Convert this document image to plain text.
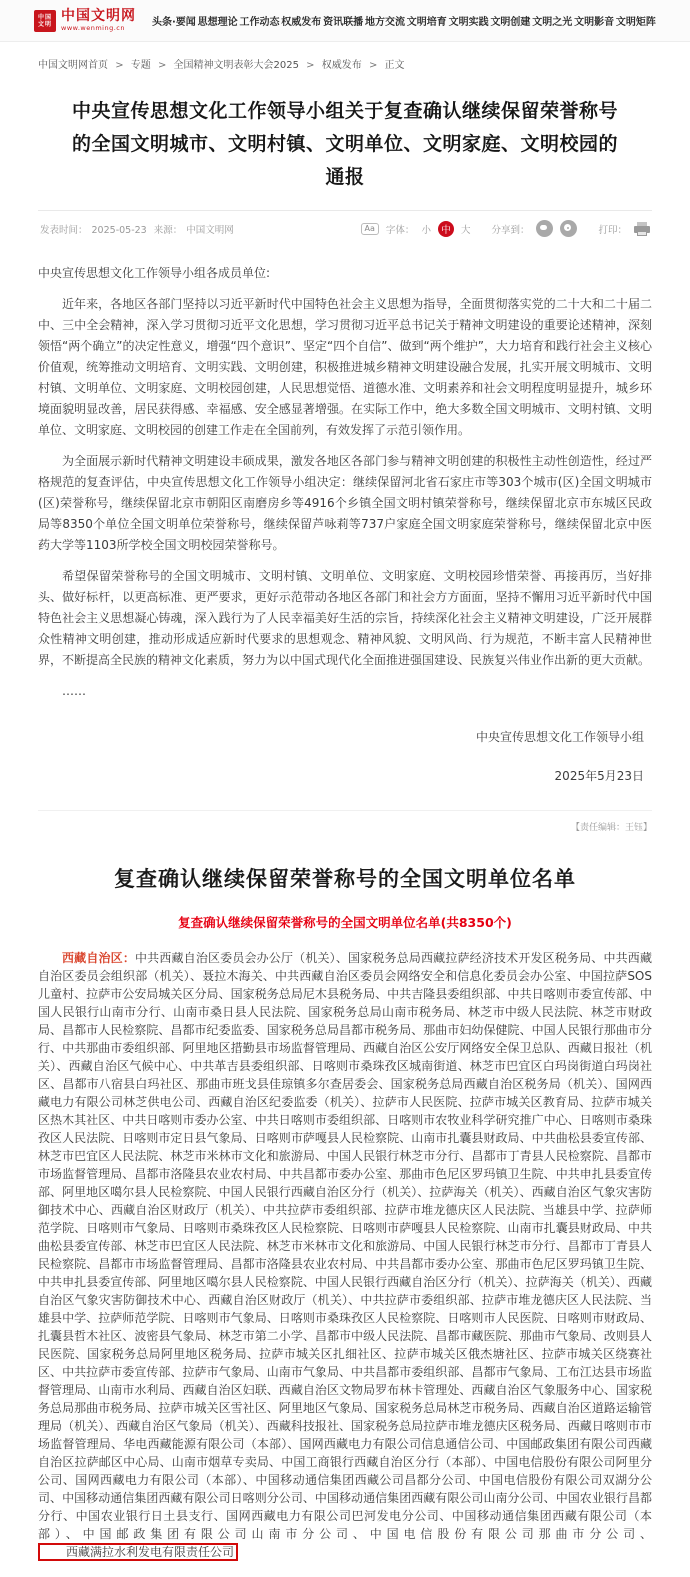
中国 文明 中国文明网
www.wenming.cn
头条·要闻 思想理论 工作动态 权威发布 资讯联播 地方交流 文明培育 文明实践 文明创建 文明之光 文明影音 文明矩阵
中国文明网首页 > 专题 > 全国精神文明表彰大会2025 > 权威发布 > 正文
中央宣传思想文化工作领导小组关于复查确认继续保留荣誉称号的全国文明城市、文明村镇、文明单位、文明家庭、文明校园的通报
发表时间： 2025-05-23 来源： 中国文明网	Aa	字体： 小	中	大 分享到：	打印：

中央宣传思想文化工作领导小组各成员单位:

近年来，各地区各部门坚持以习近平新时代中国特色社会主义思想为指导，全面贯彻落实党的二十大和二十届二中、三中全会精神，深入学习贯彻习近平文化思想，学习贯彻习近平总书记关于精神文明建设的重要论述精神，深刻领悟“两个确立”的决定性意义，增强“四个意识”、坚定“四个自信”、做到“两个维护”，大力培育和践行社会主义核心价值观，统筹推动文明培育、文明实践、文明创建，积极推进城乡精神文明建设融合发展，扎实开展文明城市、文明村镇、文明单位、文明家庭、文明校园创建，人民思想觉悟、道德水准、文明素养和社会文明程度明显提升，城乡环境面貌明显改善，居民获得感、幸福感、安全感显著增强。在实际工作中，绝大多数全国文明城市、文明村镇、文明单位、文明家庭、文明校园的创建工作走在全国前列，有效发挥了示范引领作用。

为全面展示新时代精神文明建设丰硕成果，激发各地区各部门参与精神文明创建的积极性主动性创造性，经过严格规范的复查评估，中央宣传思想文化工作领导小组决定：继续保留河北省石家庄市等303个城市(区)全国文明城市(区)荣誉称号，继续保留北京市朝阳区南磨房乡等4916个乡镇全国文明村镇荣誉称号，继续保留北京市东城区民政局等8350个单位全国文明单位荣誉称号，继续保留芦咏莉等737户家庭全国文明家庭荣誉称号，继续保留北京中医药大学等1103所学校全国文明校园荣誉称号。

希望保留荣誉称号的全国文明城市、文明村镇、文明单位、文明家庭、文明校园珍惜荣誉、再接再厉，当好排头、做好标杆，以更高标准、更严要求，更好示范带动各地区各部门和社会方方面面，坚持不懈用习近平新时代中国特色社会主义思想凝心铸魂，深入践行为了人民幸福美好生活的宗旨，持续深化社会主义精神文明建设，广泛开展群众性精神文明创建，推动形成适应新时代要求的思想观念、精神风貌、文明风尚、行为规范，不断丰富人民精神世界，不断提高全民族的精神文化素质，努力为以中国式现代化全面推进强国建设、民族复兴伟业作出新的更大贡献。

……

中央宣传思想文化工作领导小组
2025年5月23日
【责任编辑：王钰】
复查确认继续保留荣誉称号的全国文明单位名单
复查确认继续保留荣誉称号的全国文明单位名单(共8350个)

西藏自治区：中共西藏自治区委员会办公厅（机关）、国家税务总局西藏拉萨经济技术开发区税务局、中共西藏自治区委员会组织部（机关）、聂拉木海关、中共西藏自治区委员会网络安全和信息化委员会办公室、中国拉萨SOS儿童村、拉萨市公安局城关区分局、国家税务总局尼木县税务局、中共吉隆县委组织部、中共日喀则市委宣传部、中国人民银行山南市分行、山南市桑日县人民法院、国家税务总局山南市税务局、林芝市中级人民法院、林芝市财政局、昌都市人民检察院、昌都市纪委监委、国家税务总局昌都市税务局、那曲市妇幼保健院、中国人民银行那曲市分行、中共那曲市委组织部、阿里地区措勤县市场监督管理局、西藏自治区公安厅网络安全保卫总队、西藏日报社（机关）、西藏自治区气候中心、中共革吉县委组织部、日喀则市桑珠孜区城南街道、林芝市巴宜区白玛岗街道白玛岗社区、昌都市八宿县白玛社区、那曲市班戈县佳琼镇多尔查居委会、国家税务总局西藏自治区税务局（机关）、国网西藏电力有限公司林芝供电公司、西藏自治区纪委监委（机关）、拉萨市人民医院、拉萨市城关区教育局、拉萨市城关区热木其社区、中共日喀则市委办公室、中共日喀则市委组织部、日喀则市农牧业科学研究推广中心、日喀则市桑珠孜区人民法院、日喀则市定日县气象局、日喀则市萨嘎县人民检察院、山南市扎囊县财政局、中共曲松县委宣传部、林芝市巴宜区人民法院、林芝市米林市文化和旅游局、中国人民银行林芝市分行、昌都市丁青县人民检察院、昌都市市场监督管理局、昌都市洛隆县农业农村局、中共昌都市委办公室、那曲市色尼区罗玛镇卫生院、中共申扎县委宣传部、阿里地区噶尔县人民检察院、中国人民银行西藏自治区分行（机关）、拉萨海关（机关）、西藏自治区气象灾害防御技术中心、西藏自治区财政厅（机关）、中共拉萨市委组织部、拉萨市堆龙德庆区人民法院、当雄县中学、拉萨师范学院、日喀则市气象局、日喀则市桑珠孜区人民检察院、日喀则市萨嘎县人民检察院、山南市扎囊县财政局、中共曲松县委宣传部、林芝市巴宜区人民法院、林芝市米林市文化和旅游局、中国人民银行林芝市分行、昌都市丁青县人民检察院、昌都市市场监督管理局、昌都市洛隆县农业农村局、中共昌都市委办公室、那曲市色尼区罗玛镇卫生院、中共申扎县委宣传部、阿里地区噶尔县人民检察院、中国人民银行西藏自治区分行（机关）、拉萨海关（机关）、西藏自治区气象灾害防御技术中心、西藏自治区财政厅（机关）、中共拉萨市委组织部、拉萨市堆龙德庆区人民法院、当雄县中学、拉萨师范学院、日喀则市气象局、日喀则市桑珠孜区人民检察院、日喀则市人民医院、日喀则市财政局、扎囊县哲木社区、波密县气象局、林芝市第二小学、昌都市中级人民法院、昌都市藏医院、那曲市气象局、改则县人民医院、国家税务总局阿里地区税务局、拉萨市城关区扎细社区、拉萨市城关区俄杰塘社区、拉萨市城关区绕赛社区、中共拉萨市委宣传部、拉萨市气象局、山南市气象局、中共昌都市委组织部、昌都市气象局、工布江达县市场监督管理局、山南市水利局、西藏自治区妇联、西藏自治区文物局罗布林卡管理处、西藏自治区气象服务中心、国家税务总局那曲市税务局、拉萨市城关区雪社区、阿里地区气象局、国家税务总局林芝市税务局、西藏自治区道路运输管理局（机关）、西藏自治区气象局（机关）、西藏科技报社、国家税务总局拉萨市堆龙德庆区税务局、西藏日喀则市市场监督管理局、华电西藏能源有限公司（本部）、国网西藏电力有限公司信息通信公司、中国邮政集团有限公司西藏自治区拉萨邮区中心局、山南市烟草专卖局、中国工商银行西藏自治区分行（本部）、中国电信股份有限公司阿里分公司、国网西藏电力有限公司（本部）、中国移动通信集团西藏公司昌都分公司、中国电信股份有限公司双湖分公司、中国移动通信集团西藏有限公司日喀则分公司、中国移动通信集团西藏有限公司山南分公司、中国农业银行昌都分行、中国农业银行日土县支行、国网西藏电力有限公司巴河发电分公司、中国移动通信集团西藏有限公司（本部）、中国邮政集团有限公司山南市分公司、中国电信股份有限公司那曲市分公司、西藏满拉水利发电有限责任公司
